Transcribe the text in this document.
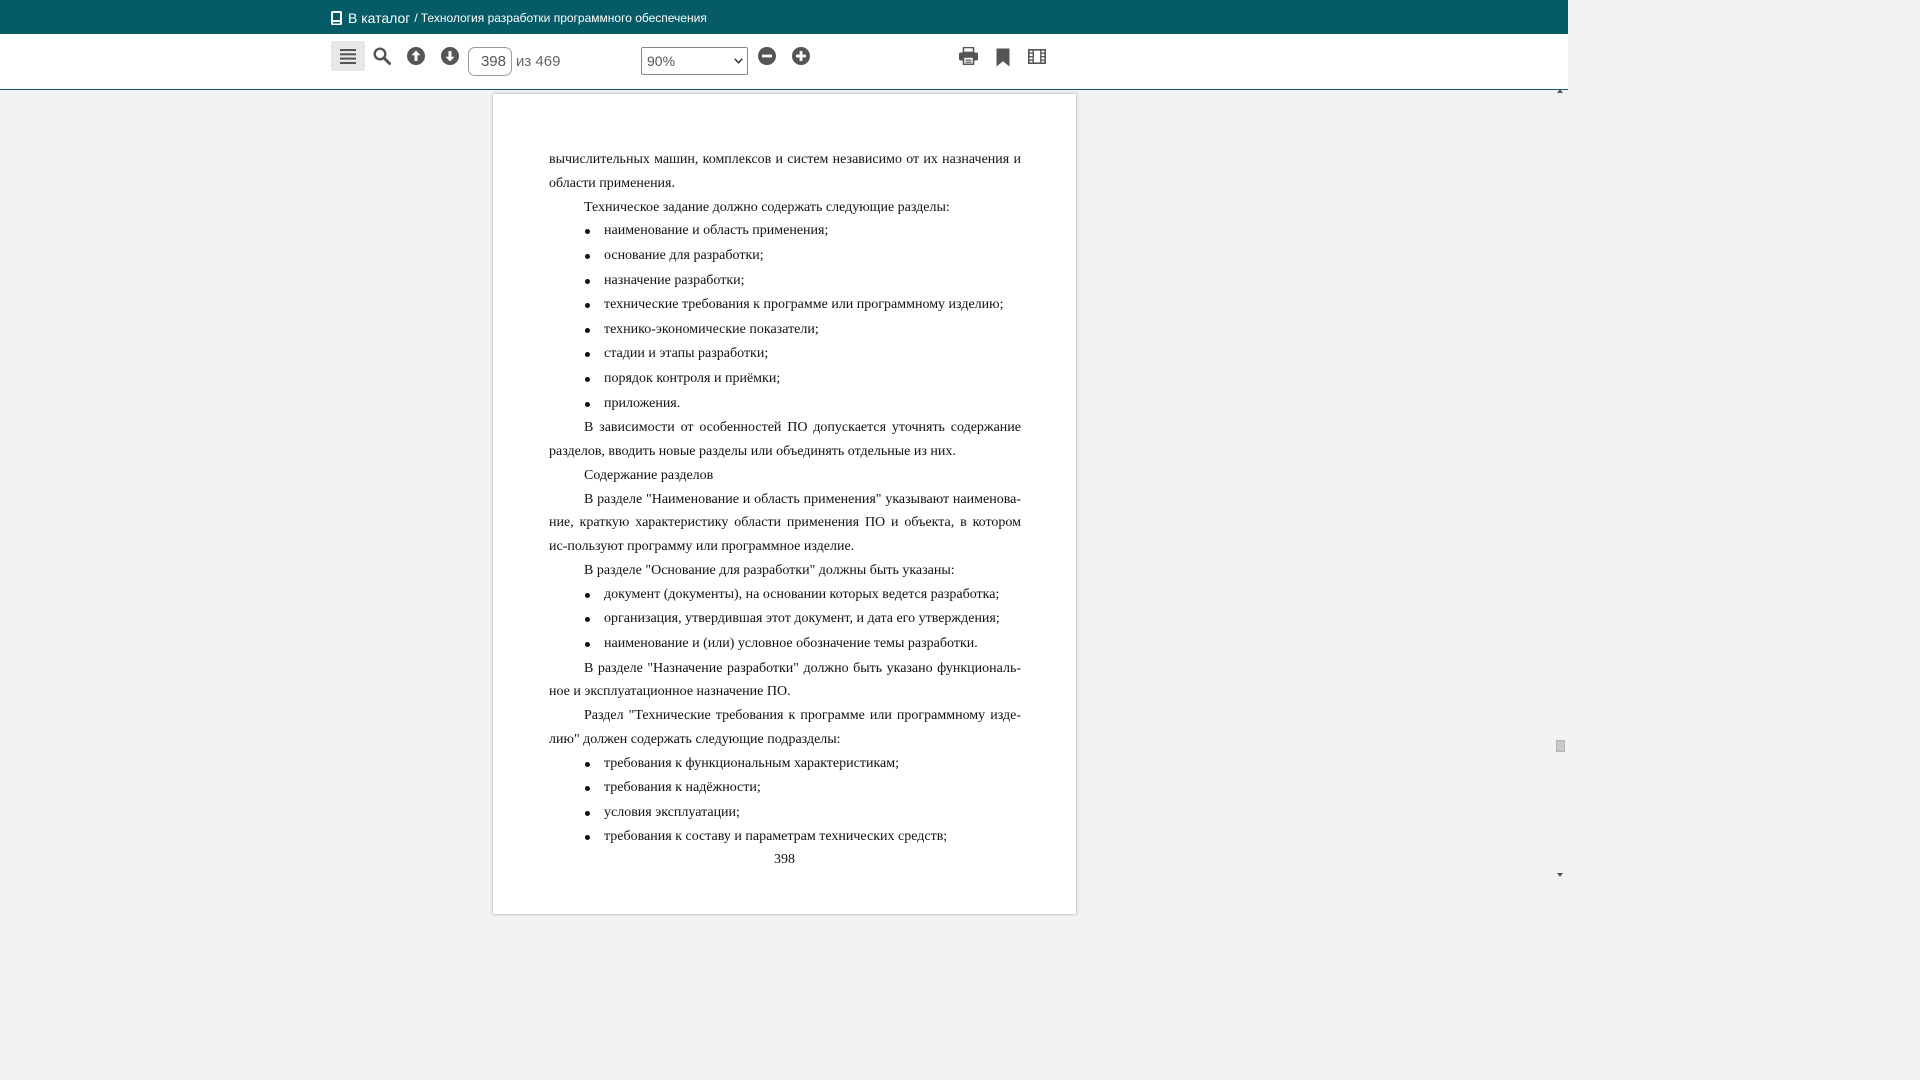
В каталог / Технология разработки программного обеспечения
398
из 469	90%
вычислительных машин, комплексов и систем независимо от их назначения и области применения.
Техническое задание должно содержать следующие разделы:
наименование и область применения;
основание для разработки;
назначение разработки;
технические требования к программе или программному изделию;
технико-экономические показатели;
стадии и этапы разработки;
порядок контроля и приёмки;
приложения.
В зависимости от особенностей ПО допускается уточнять содержание разделов, вводить новые разделы или объединять отдельные из них.
Содержание разделов
В разделе "Наименование и область применения" указывают наименова-ние, краткую характеристику области применения ПО и объекта, в котором ис-пользуют программу или программное изделие.
В разделе "Основание для разработки" должны быть указаны:
документ (документы), на основании которых ведется разработка;
организация, утвердившая этот документ, и дата его утверждения;
наименование и (или) условное обозначение темы разработки.
В разделе "Назначение разработки" должно быть указано функциональ-ное и эксплуатационное назначение ПО.
Раздел "Технические требования к программе или программному изде-лию" должен содержать следующие подразделы:
требования к функциональным характеристикам;
требования к надёжности;
условия эксплуатации;
требования к составу и параметрам технических средств;
398
